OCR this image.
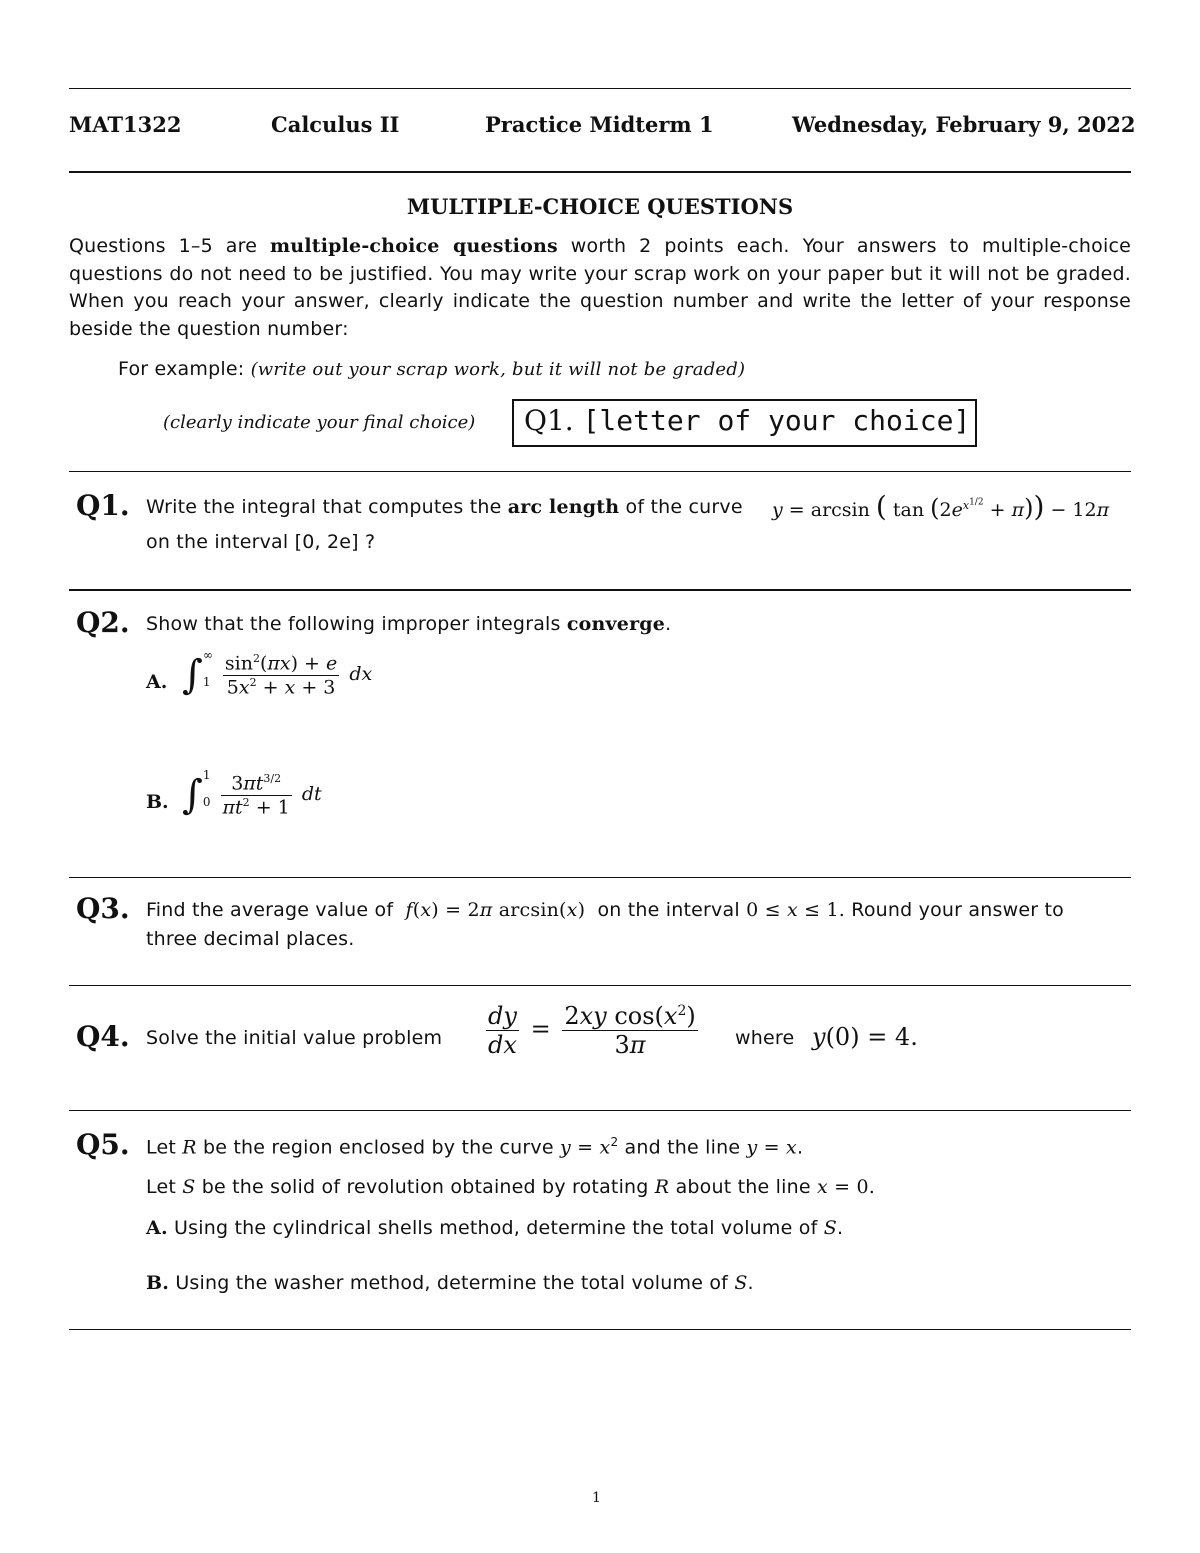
MAT1322	Calculus II	Practice Midterm 1	Wednesday, February 9, 2022
MULTIPLE-CHOICE QUESTIONS
Questions 1–5 are multiple-choice questions worth 2 points each. Your answers to multiple-choice questions do not need to be justified. You may write your scrap work on your paper but it will not be graded. When you reach your answer, clearly indicate the question number and write the letter of your response beside the question number:
For example: (write out your scrap work, but it will not be graded)
(clearly indicate your final choice) Q1. [letter of your choice]
Q1. Write the integral that computes the arc length of the curve y = arcsin ( $\tan (2e^{x^{1/2}} + \pi)) - 12\pi$
on the interval [0, 2e] ?
Q2. Show that the following improper integrals converge.
A. ∫ ∞
1
$\frac{\sin^2(\pi x) + e}{5x^2 + x + 3}$ dx
B. ∫ 1
0
$\frac{3\pi t^{3/2}}{\pi t^2 + 1}$ dt
Q3. Find the average value of f(x) = 2π arcsin(x) on the interval 0 ≤ x ≤ 1. Round your answer to
three decimal places.
Q4. Solve the initial value problem $\frac{dy}{dx} = \frac{2xy \cos(x^2)}{3\pi}$ where y(0) = 4.
Q5. Let R be the region enclosed by the curve $y = x^2$ and the line y = x.
Let S be the solid of revolution obtained by rotating R about the line x = 0.
A. Using the cylindrical shells method, determine the total volume of S.
B. Using the washer method, determine the total volume of S.
1
